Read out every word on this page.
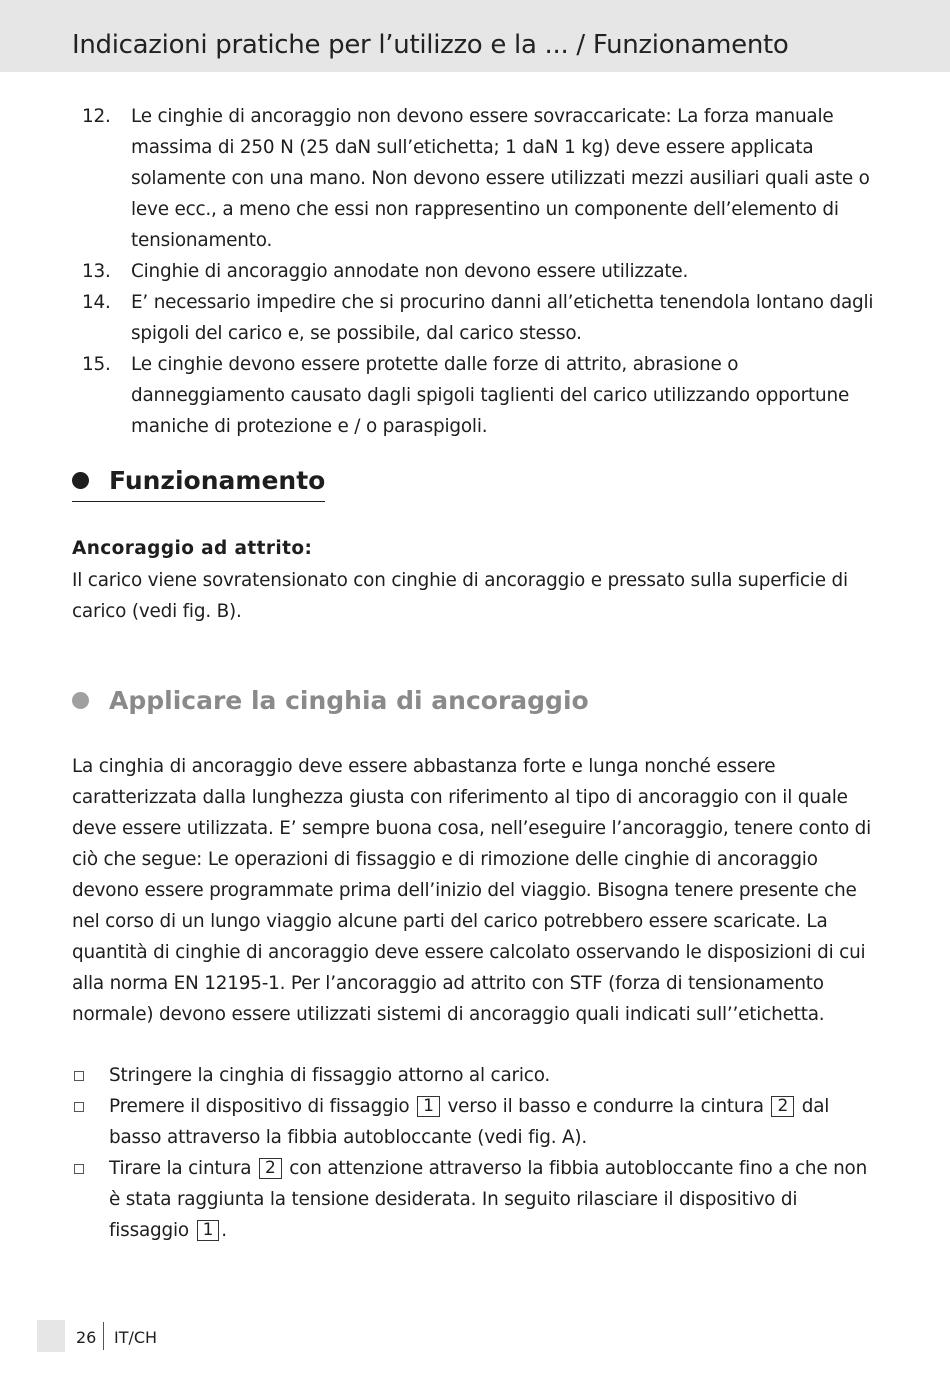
Indicazioni pratiche per l’utilizzo e la ... / Funzionamento
12. Le cinghie di ancoraggio non devono essere sovraccaricate: La forza manuale massima di 250 N (25 daN sull’etichetta; 1 daN 1 kg) deve essere applicata solamente con una mano. Non devono essere utilizzati mezzi ausiliari quali aste o leve ecc., a meno che essi non rappresentino un componente dell’elemento di tensionamento.
13. Cinghie di ancoraggio annodate non devono essere utilizzate.
14. E’ necessario impedire che si procurino danni all’etichetta tenendola lontano dagli spigoli del carico e, se possibile, dal carico stesso.
15. Le cinghie devono essere protette dalle forze di attrito, abrasione o danneggiamento causato dagli spigoli taglienti del carico utilizzando opportune maniche di protezione e / o paraspigoli.
Funzionamento
Ancoraggio ad attrito:
Il carico viene sovratensionato con cinghie di ancoraggio e pressato sulla superficie di carico (vedi fig. B).
Applicare la cinghia di ancoraggio
La cinghia di ancoraggio deve essere abbastanza forte e lunga nonché essere caratterizzata dalla lunghezza giusta con riferimento al tipo di ancoraggio con il quale deve essere utilizzata. E’ sempre buona cosa, nell’eseguire l’ancoraggio, tenere conto di ciò che segue: Le operazioni di fissaggio e di rimozione delle cinghie di ancoraggio devono essere programmate prima dell’inizio del viaggio. Bisogna tenere presente che nel corso di un lungo viaggio alcune parti del carico potrebbero essere scaricate. La quantità di cinghie di ancoraggio deve essere calcolato osservando le disposizioni di cui alla norma EN 12195-1. Per l’ancoraggio ad attrito con STF (forza di tensionamento normale) devono essere utilizzati sistemi di ancoraggio quali indicati sull’’etichetta.
Stringere la cinghia di fissaggio attorno al carico.
Premere il dispositivo di fissaggio 1 verso il basso e condurre la cintura 2 dal basso attraverso la fibbia autobloccante (vedi fig. A).
Tirare la cintura 2 con attenzione attraverso la fibbia autobloccante fino a che non è stata raggiunta la tensione desiderata. In seguito rilasciare il dispositivo di fissaggio 1 .
26 IT/CH
